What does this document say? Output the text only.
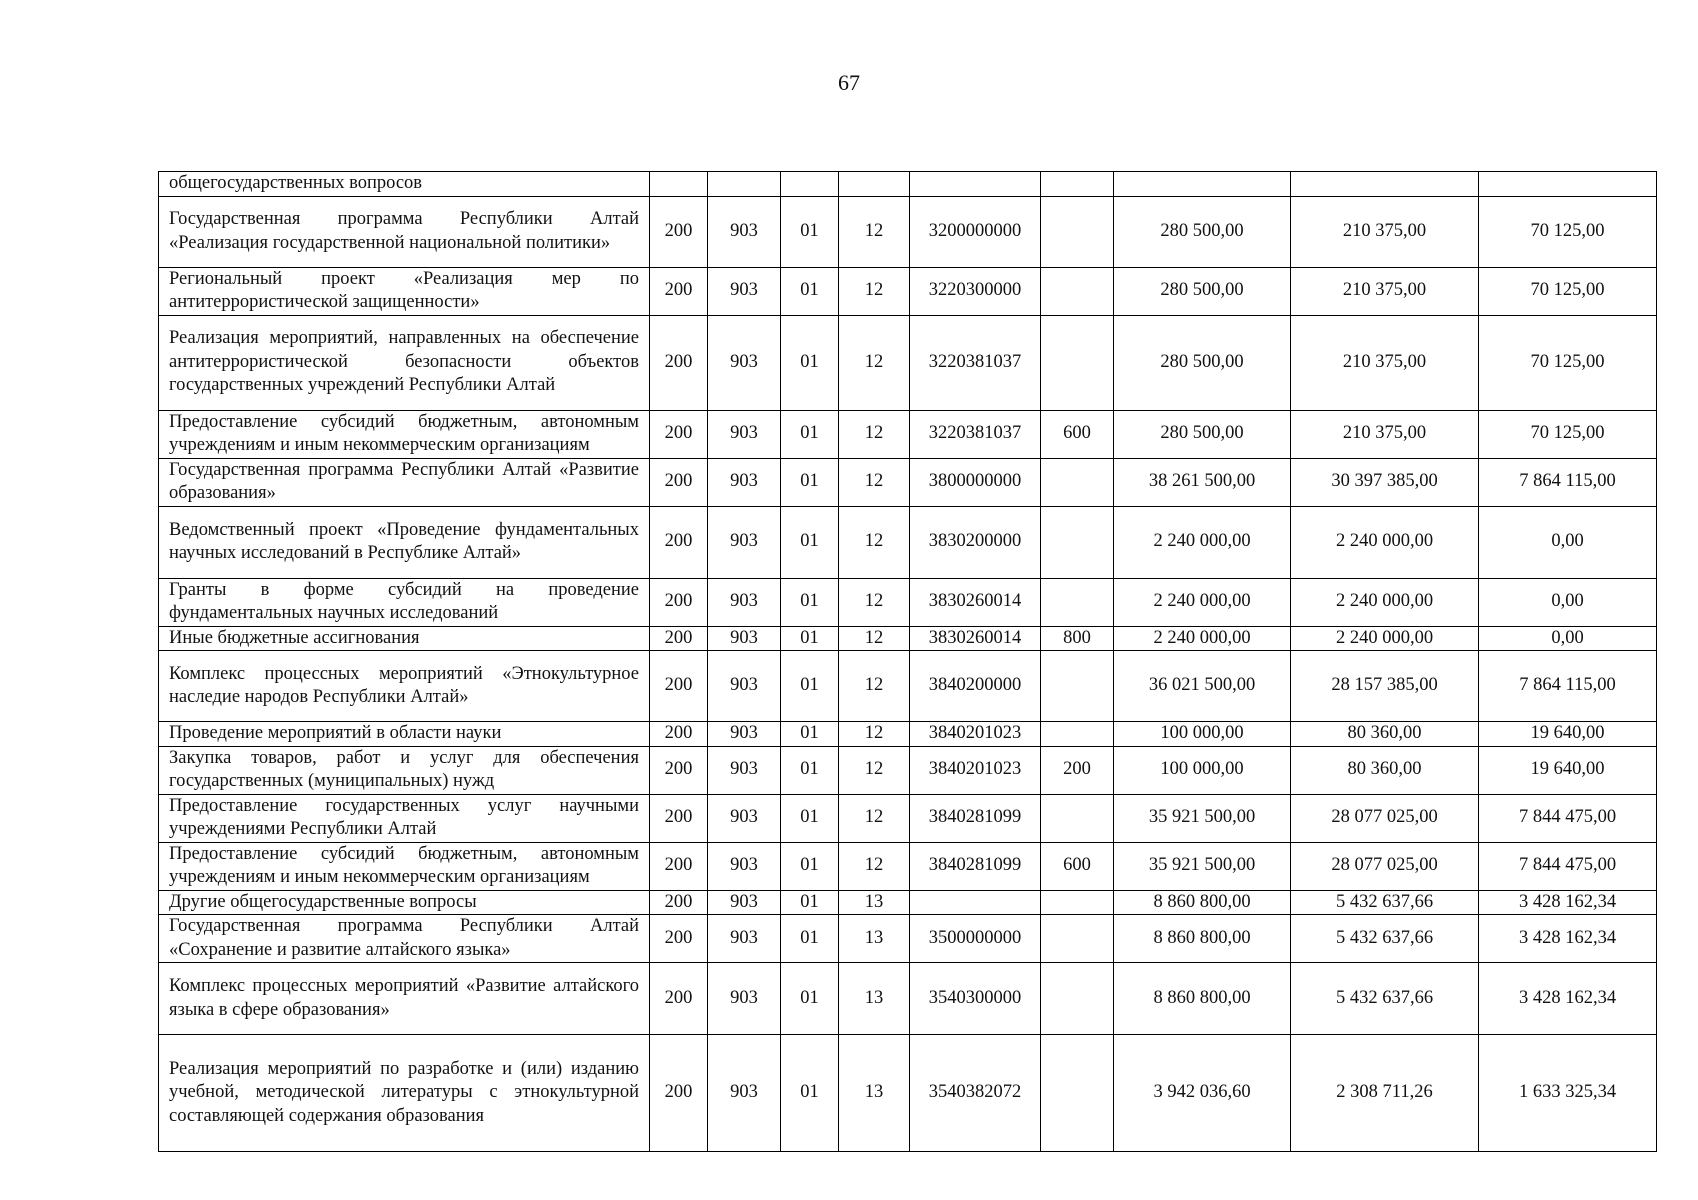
67
общегосударственных вопросов									
Государственная программа Республики Алтай «Реализация государственной национальной политики»	200	903	01	12	3200000000		280 500,00	210 375,00	70 125,00
Региональный проект «Реализация мер по антитеррористической защищенности»	200	903	01	12	3220300000		280 500,00	210 375,00	70 125,00
Реализация мероприятий, направленных на обеспечение антитеррористической безопасности объектов государственных учреждений Республики Алтай	200	903	01	12	3220381037		280 500,00	210 375,00	70 125,00
Предоставление субсидий бюджетным, автономным учреждениям и иным некоммерческим организациям	200	903	01	12	3220381037	600	280 500,00	210 375,00	70 125,00
Государственная программа Республики Алтай «Развитие образования»	200	903	01	12	3800000000		38 261 500,00	30 397 385,00	7 864 115,00
Ведомственный проект «Проведение фундаментальных научных исследований в Республике Алтай»	200	903	01	12	3830200000		2 240 000,00	2 240 000,00	0,00
Гранты в форме субсидий на проведение фундаментальных научных исследований	200	903	01	12	3830260014		2 240 000,00	2 240 000,00	0,00
Иные бюджетные ассигнования	200	903	01	12	3830260014	800	2 240 000,00	2 240 000,00	0,00
Комплекс процессных мероприятий «Этнокультурное наследие народов Республики Алтай»	200	903	01	12	3840200000		36 021 500,00	28 157 385,00	7 864 115,00
Проведение мероприятий в области науки	200	903	01	12	3840201023		100 000,00	80 360,00	19 640,00
Закупка товаров, работ и услуг для обеспечения государственных (муниципальных) нужд	200	903	01	12	3840201023	200	100 000,00	80 360,00	19 640,00
Предоставление государственных услуг научными учреждениями Республики Алтай	200	903	01	12	3840281099		35 921 500,00	28 077 025,00	7 844 475,00
Предоставление субсидий бюджетным, автономным учреждениям и иным некоммерческим организациям	200	903	01	12	3840281099	600	35 921 500,00	28 077 025,00	7 844 475,00
Другие общегосударственные вопросы	200	903	01	13			8 860 800,00	5 432 637,66	3 428 162,34
Государственная программа Республики Алтай «Сохранение и развитие алтайского языка»	200	903	01	13	3500000000		8 860 800,00	5 432 637,66	3 428 162,34
Комплекс процессных мероприятий «Развитие алтайского языка в сфере образования»	200	903	01	13	3540300000		8 860 800,00	5 432 637,66	3 428 162,34
Реализация мероприятий по разработке и (или) изданию учебной, методической литературы с этнокультурной составляющей содержания образования	200	903	01	13	3540382072		3 942 036,60	2 308 711,26	1 633 325,34
